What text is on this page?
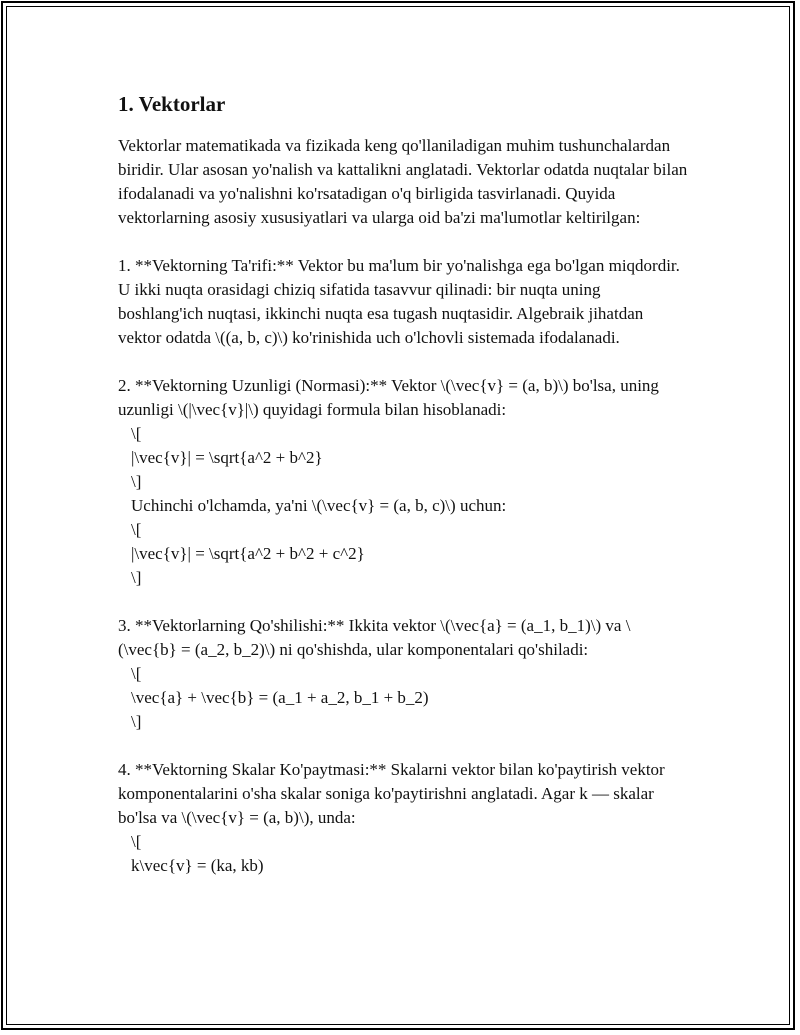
1. Vektorlar

Vektorlar matematikada va fizikada keng qo'llaniladigan muhim tushunchalardan biridir. Ular asosan yo'nalish va kattalikni anglatadi. Vektorlar odatda nuqtalar bilan ifodalanadi va yo'nalishni ko'rsatadigan o'q birligida tasvirlanadi. Quyida vektorlarning asosiy xususiyatlari va ularga oid ba'zi ma'lumotlar keltirilgan:

1. **Vektorning Ta'rifi:** Vektor bu ma'lum bir yo'nalishga ega bo'lgan miqdordir. U ikki nuqta orasidagi chiziq sifatida tasavvur qilinadi: bir nuqta uning boshlang'ich nuqtasi, ikkinchi nuqta esa tugash nuqtasidir. Algebraik jihatdan vektor odatda \((a, b, c)\) ko'rinishida uch o'lchovli sistemada ifodalanadi.

2. **Vektorning Uzunligi (Normasi):** Vektor \(\vec{v} = (a, b)\) bo'lsa, uning uzunligi \(|\vec{v}|\) quyidagi formula bilan hisoblanadi:

\[

|\vec{v}| = \sqrt{a^2 + b^2}

\]

Uchinchi o'lchamda, ya'ni \(\vec{v} = (a, b, c)\) uchun:

\[

|\vec{v}| = \sqrt{a^2 + b^2 + c^2}

\]

3. **Vektorlarning Qo'shilishi:** Ikkita vektor \(\vec{a} = (a_1, b_1)\) va \(\vec{b} = (a_2, b_2)\) ni qo'shishda, ular komponentalari qo'shiladi:

\[

\vec{a} + \vec{b} = (a_1 + a_2, b_1 + b_2)

\]

4. **Vektorning Skalar Ko'paytmasi:** Skalarni vektor bilan ko'paytirish vektor komponentalarini o'sha skalar soniga ko'paytirishni anglatadi. Agar k — skalar bo'lsa va \(\vec{v} = (a, b)\), unda:

\[

k\vec{v} = (ka, kb)
